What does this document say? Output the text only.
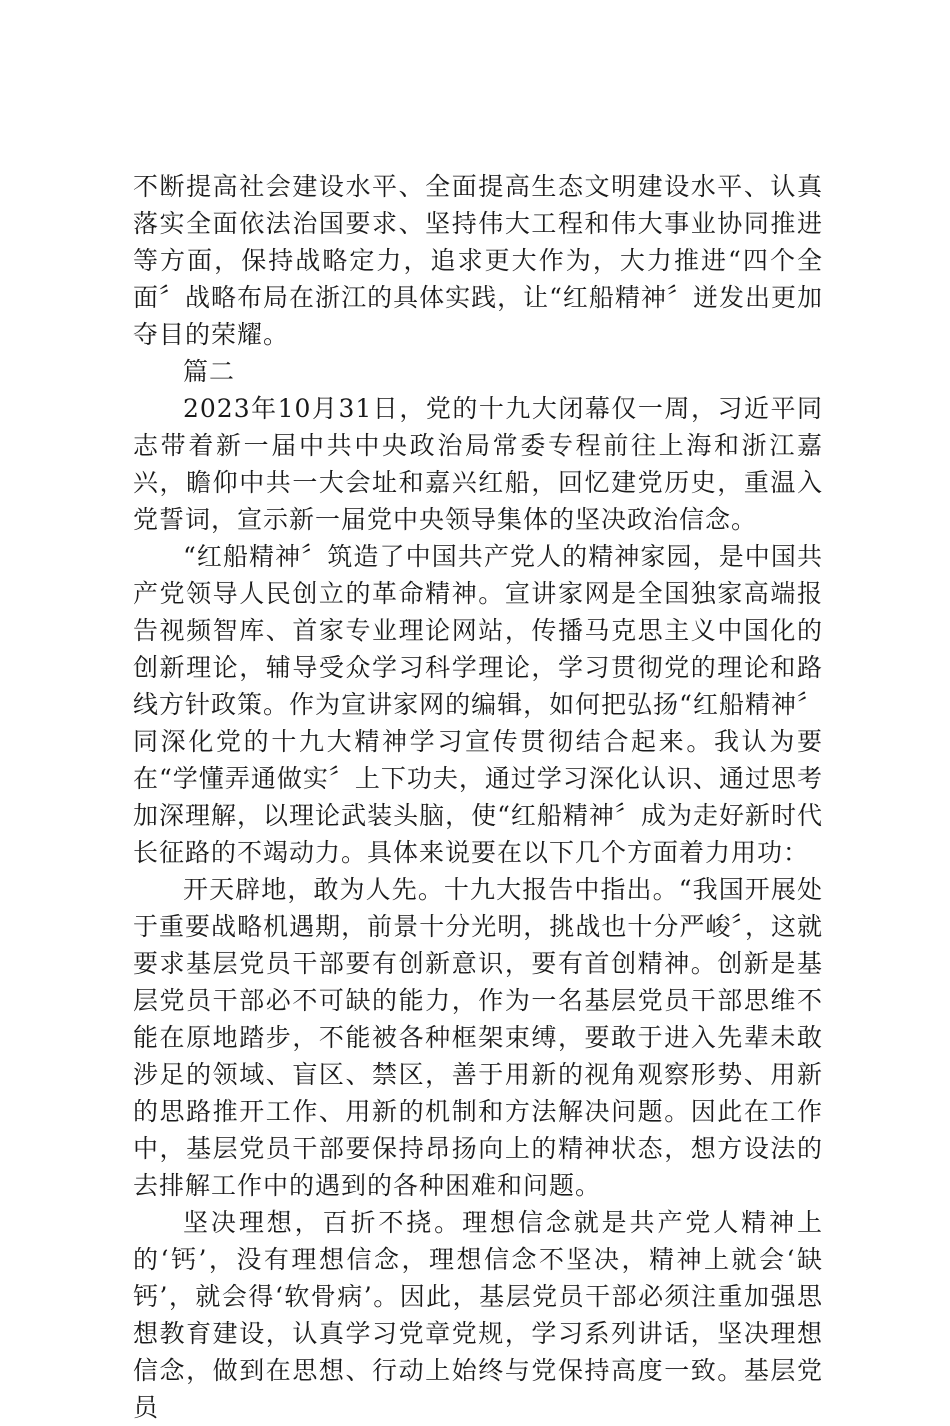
不断提高社会建设水平、全面提高生态文明建设水平、认真落实全面依法治国要求、坚持伟大工程和伟大事业协同推进等方面，保持战略定力，追求更大作为，大力推进“四个全面〞战略布局在浙江的具体实践，让“红船精神〞迸发出更加夺目的荣耀。

篇二

2023年10月31日，党的十九大闭幕仅一周，习近平同志带着新一届中共中央政治局常委专程前往上海和浙江嘉兴，瞻仰中共一大会址和嘉兴红船，回忆建党历史，重温入党誓词，宣示新一届党中央领导集体的坚决政治信念。

“红船精神〞筑造了中国共产党人的精神家园，是中国共产党领导人民创立的革命精神。宣讲家网是全国独家高端报告视频智库、首家专业理论网站，传播马克思主义中国化的创新理论，辅导受众学习科学理论，学习贯彻党的理论和路线方针政策。作为宣讲家网的编辑，如何把弘扬“红船精神〞同深化党的十九大精神学习宣传贯彻结合起来。我认为要在“学懂弄通做实〞上下功夫，通过学习深化认识、通过思考加深理解，以理论武装头脑，使“红船精神〞成为走好新时代长征路的不竭动力。具体来说要在以下几个方面着力用功：

开天辟地，敢为人先。十九大报告中指出。“我国开展处于重要战略机遇期，前景十分光明，挑战也十分严峻〞，这就要求基层党员干部要有创新意识，要有首创精神。创新是基层党员干部必不可缺的能力，作为一名基层党员干部思维不能在原地踏步，不能被各种框架束缚，要敢于进入先辈未敢涉足的领域、盲区、禁区，善于用新的视角观察形势、用新的思路推开工作、用新的机制和方法解决问题。因此在工作中，基层党员干部要保持昂扬向上的精神状态，想方设法的去排解工作中的遇到的各种困难和问题。

坚决理想，百折不挠。理想信念就是共产党人精神上的‘钙’，没有理想信念，理想信念不坚决，精神上就会‘缺钙’，就会得‘软骨病’。因此，基层党员干部必须注重加强思想教育建设，认真学习党章党规，学习系列讲话，坚决理想信念，做到在思想、行动上始终与党保持高度一致。基层党员
